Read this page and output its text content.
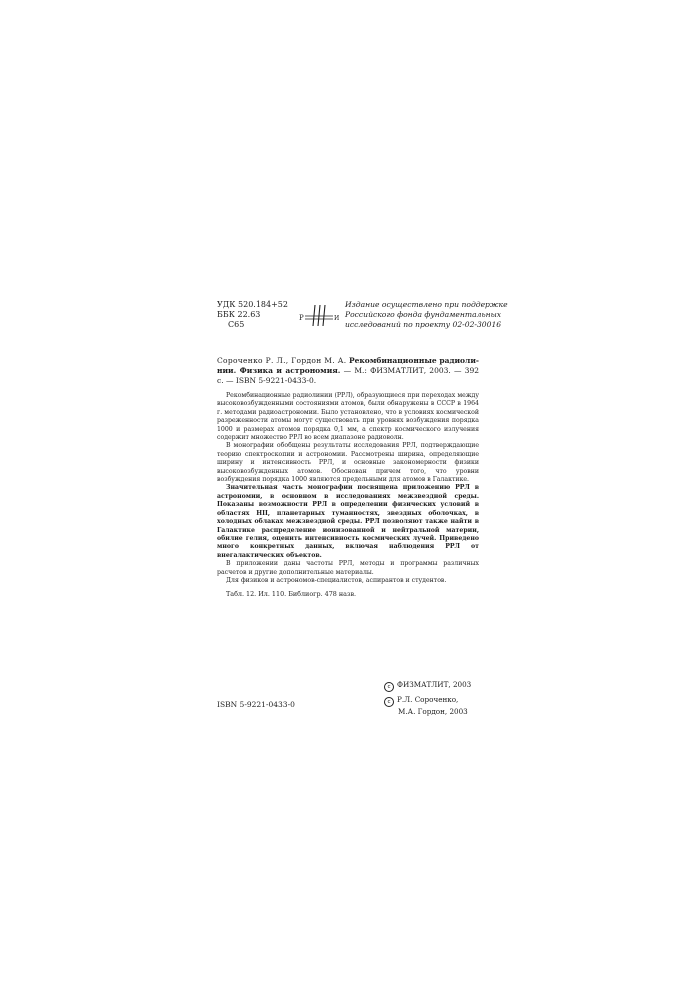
УДК 520.184+52
ББК 22.63
С65
Р	И
Издание осуществлено при поддержке
Российского фонда фундаментальных
исследований по проекту 02-02-30016
Сороченко Р. Л., Гордон М. А. Рекомбинационные радиоли-нии. Физика и астрономия. — М.: ФИЗМАТЛИТ, 2003. — 392 с. — ISBN 5-9221-0433-0.

Рекомбинационные радиолинии (РРЛ), образующиеся при переходах между высоковозбужденными состояниями атомов, были обнаружены в СССР в 1964 г. методами радиоастрономии. Было установлено, что в условиях космической разреженности атомы могут существовать при уровнях возбуждения порядка 1000 и размерах атомов порядка 0,1 мм, а спектр космического излучения содержит множество РРЛ во всем диапазоне радиоволн.

В монографии обобщены результаты исследования РРЛ, подтверждающие теорию спектроскопии и астрономии. Рассмотрены ширина, определяющие ширину и интенсивность РРЛ, и основные закономерности физики высоковозбужденных атомов. Обоснован причем того, что уровни возбуждения порядка 1000 являются предельными для атомов в Галактике.

Значительная часть монографии посвящена приложению РРЛ в астрономии, в основном в исследованиях межзвездной среды. Показаны возможности РРЛ в определении физических условий в областях НII, планетарных туманностях, звездных оболочках, в холодных облаках межзвездной среды. РРЛ позволяют также найти в Галактике распределение ионизованной и нейтральной материи, обилие гелия, оценить интенсивность космических лучей. Приведено много конкретных данных, включая наблюдения РРЛ от внегалактических объектов.

В приложении даны частоты РРЛ, методы и программы различных расчетов и другие дополнительные материалы.

Для физиков и астрономов-специалистов, аспирантов и студентов.

Табл. 12. Ил. 110. Библиогр. 478 назв.
ISBN 5-9221-0433-0
c ФИЗМАТЛИТ, 2003
c Р.Л. Сороченко,
М.А. Гордон, 2003
